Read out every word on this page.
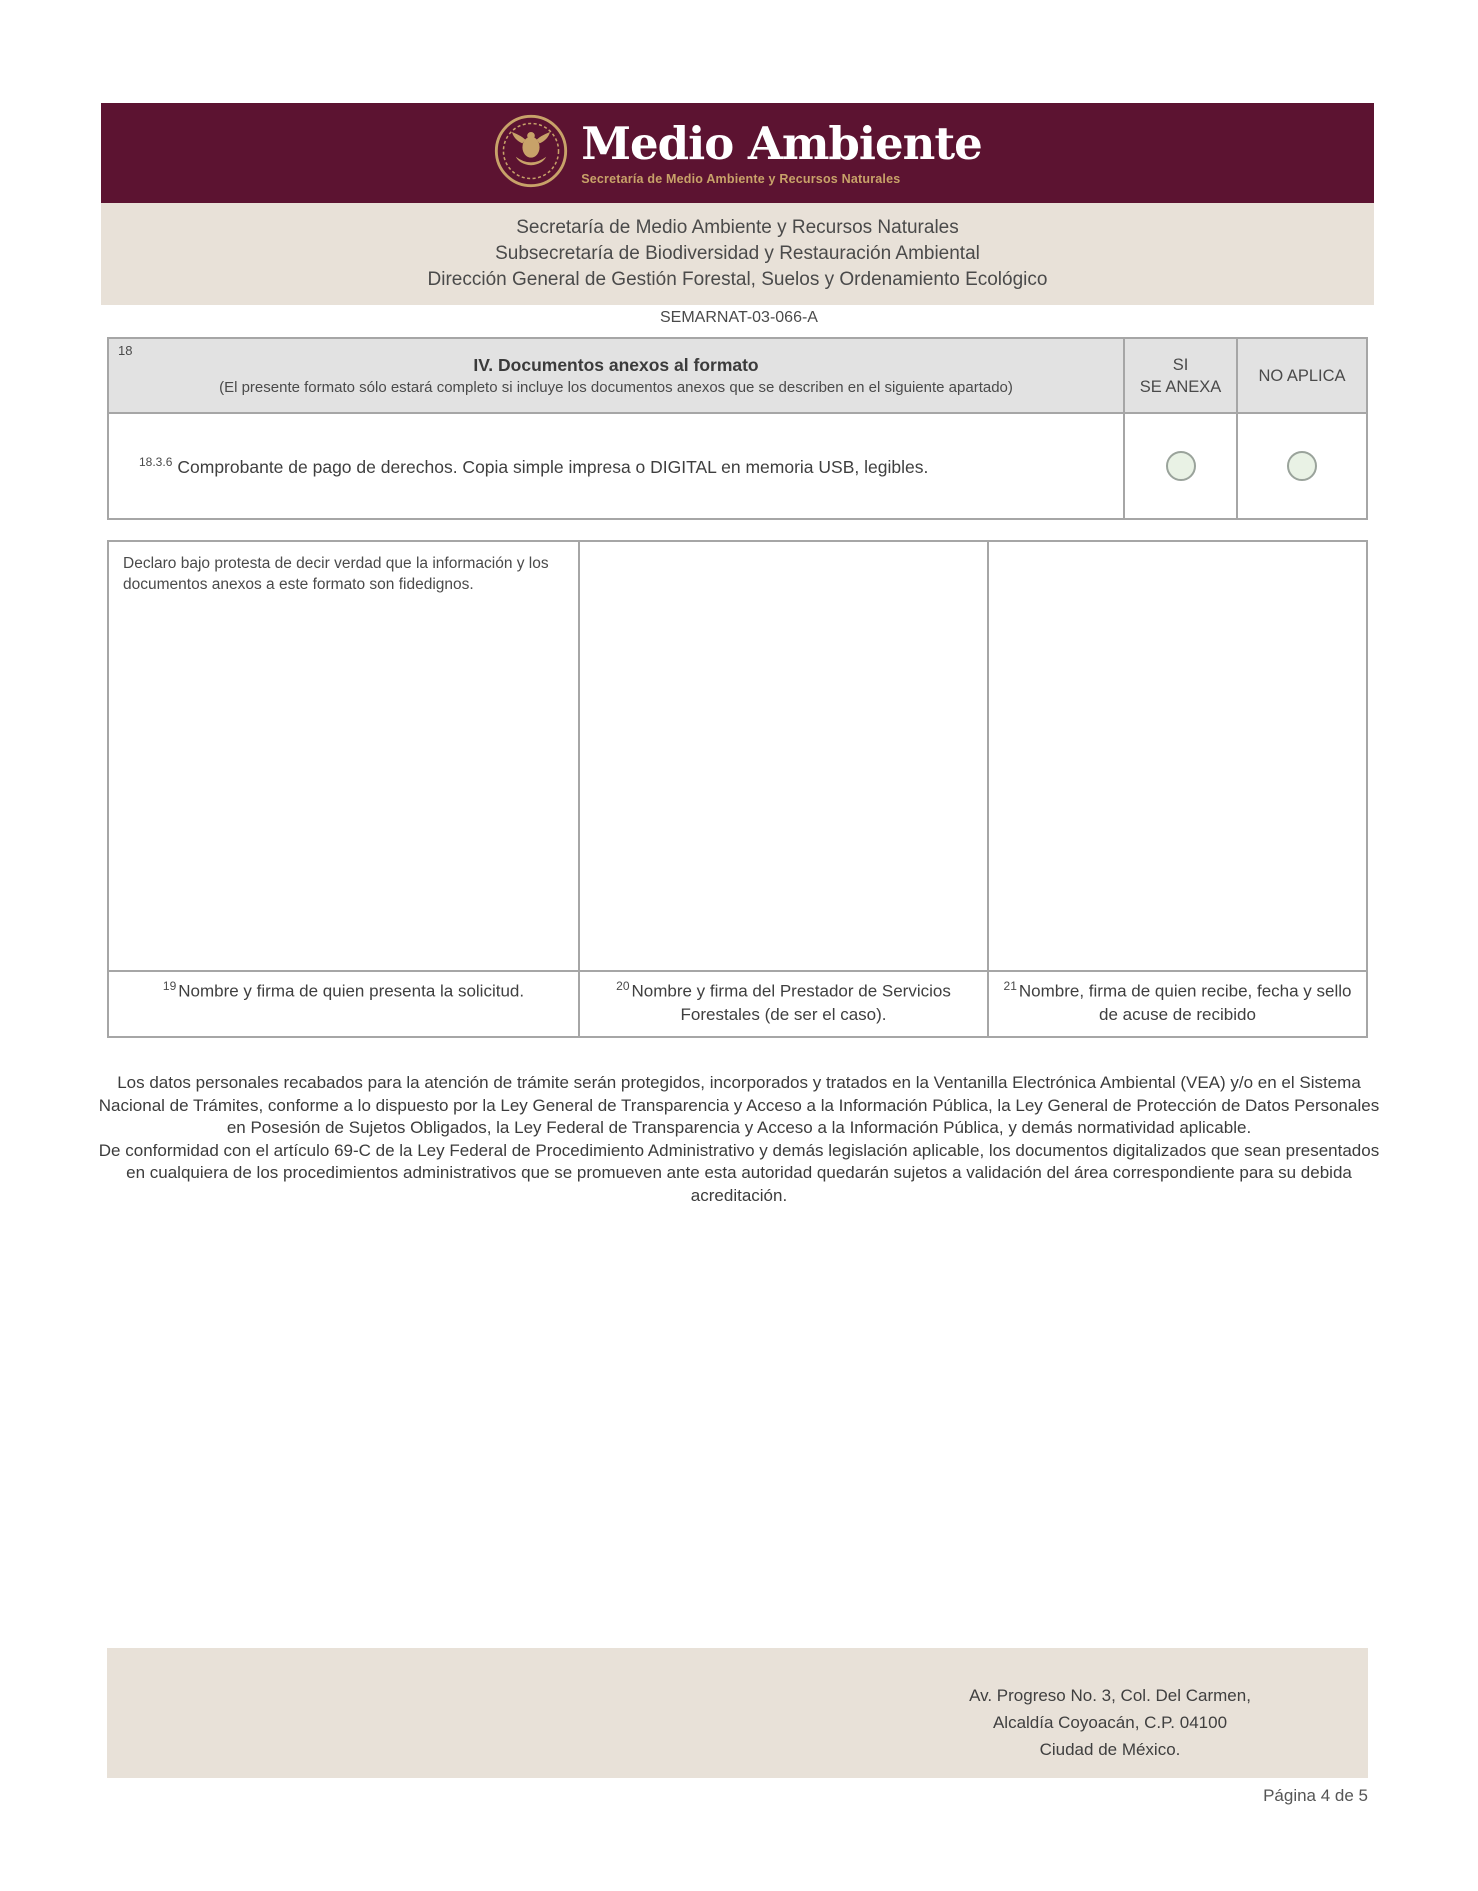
Medio Ambiente
Secretaría de Medio Ambiente y Recursos Naturales
Secretaría de Medio Ambiente y Recursos Naturales
Subsecretaría de Biodiversidad y Restauración Ambiental
Dirección General de Gestión Forestal, Suelos y Ordenamiento Ecológico
SEMARNAT-03-066-A
18
IV. Documentos anexos al formato
(El presente formato sólo estará completo si incluye los documentos anexos que se describen en el siguiente apartado)
SI
SE ANEXA
NO APLICA
$^{18.3.6}$ Comprobante de pago de derechos. Copia simple impresa o DIGITAL en memoria USB, legibles.
Declaro bajo protesta de decir verdad que la información y los documentos anexos a este formato son fidedignos.
$^{19}$ Nombre y firma de quien presenta la solicitud.	$^{20}$ Nombre y firma del Prestador de Servicios Forestales (de ser el caso).
$^{21}$ Nombre, firma de quien recibe, fecha y sello de acuse de recibido

Los datos personales recabados para la atención de trámite serán protegidos, incorporados y tratados en la Ventanilla Electrónica Ambiental (VEA) y/o en el Sistema Nacional de Trámites, conforme a lo dispuesto por la Ley General de Transparencia y Acceso a la Información Pública, la Ley General de Protección de Datos Personales en Posesión de Sujetos Obligados, la Ley Federal de Transparencia y Acceso a la Información Pública, y demás normatividad aplicable.

De conformidad con el artículo 69-C de la Ley Federal de Procedimiento Administrativo y demás legislación aplicable, los documentos digitalizados que sean presentados en cualquiera de los procedimientos administrativos que se promueven ante esta autoridad quedarán sujetos a validación del área correspondiente para su debida acreditación.

Av. Progreso No. 3, Col. Del Carmen,
Alcaldía Coyoacán, C.P. 04100
Ciudad de México.
Página 4 de 5
